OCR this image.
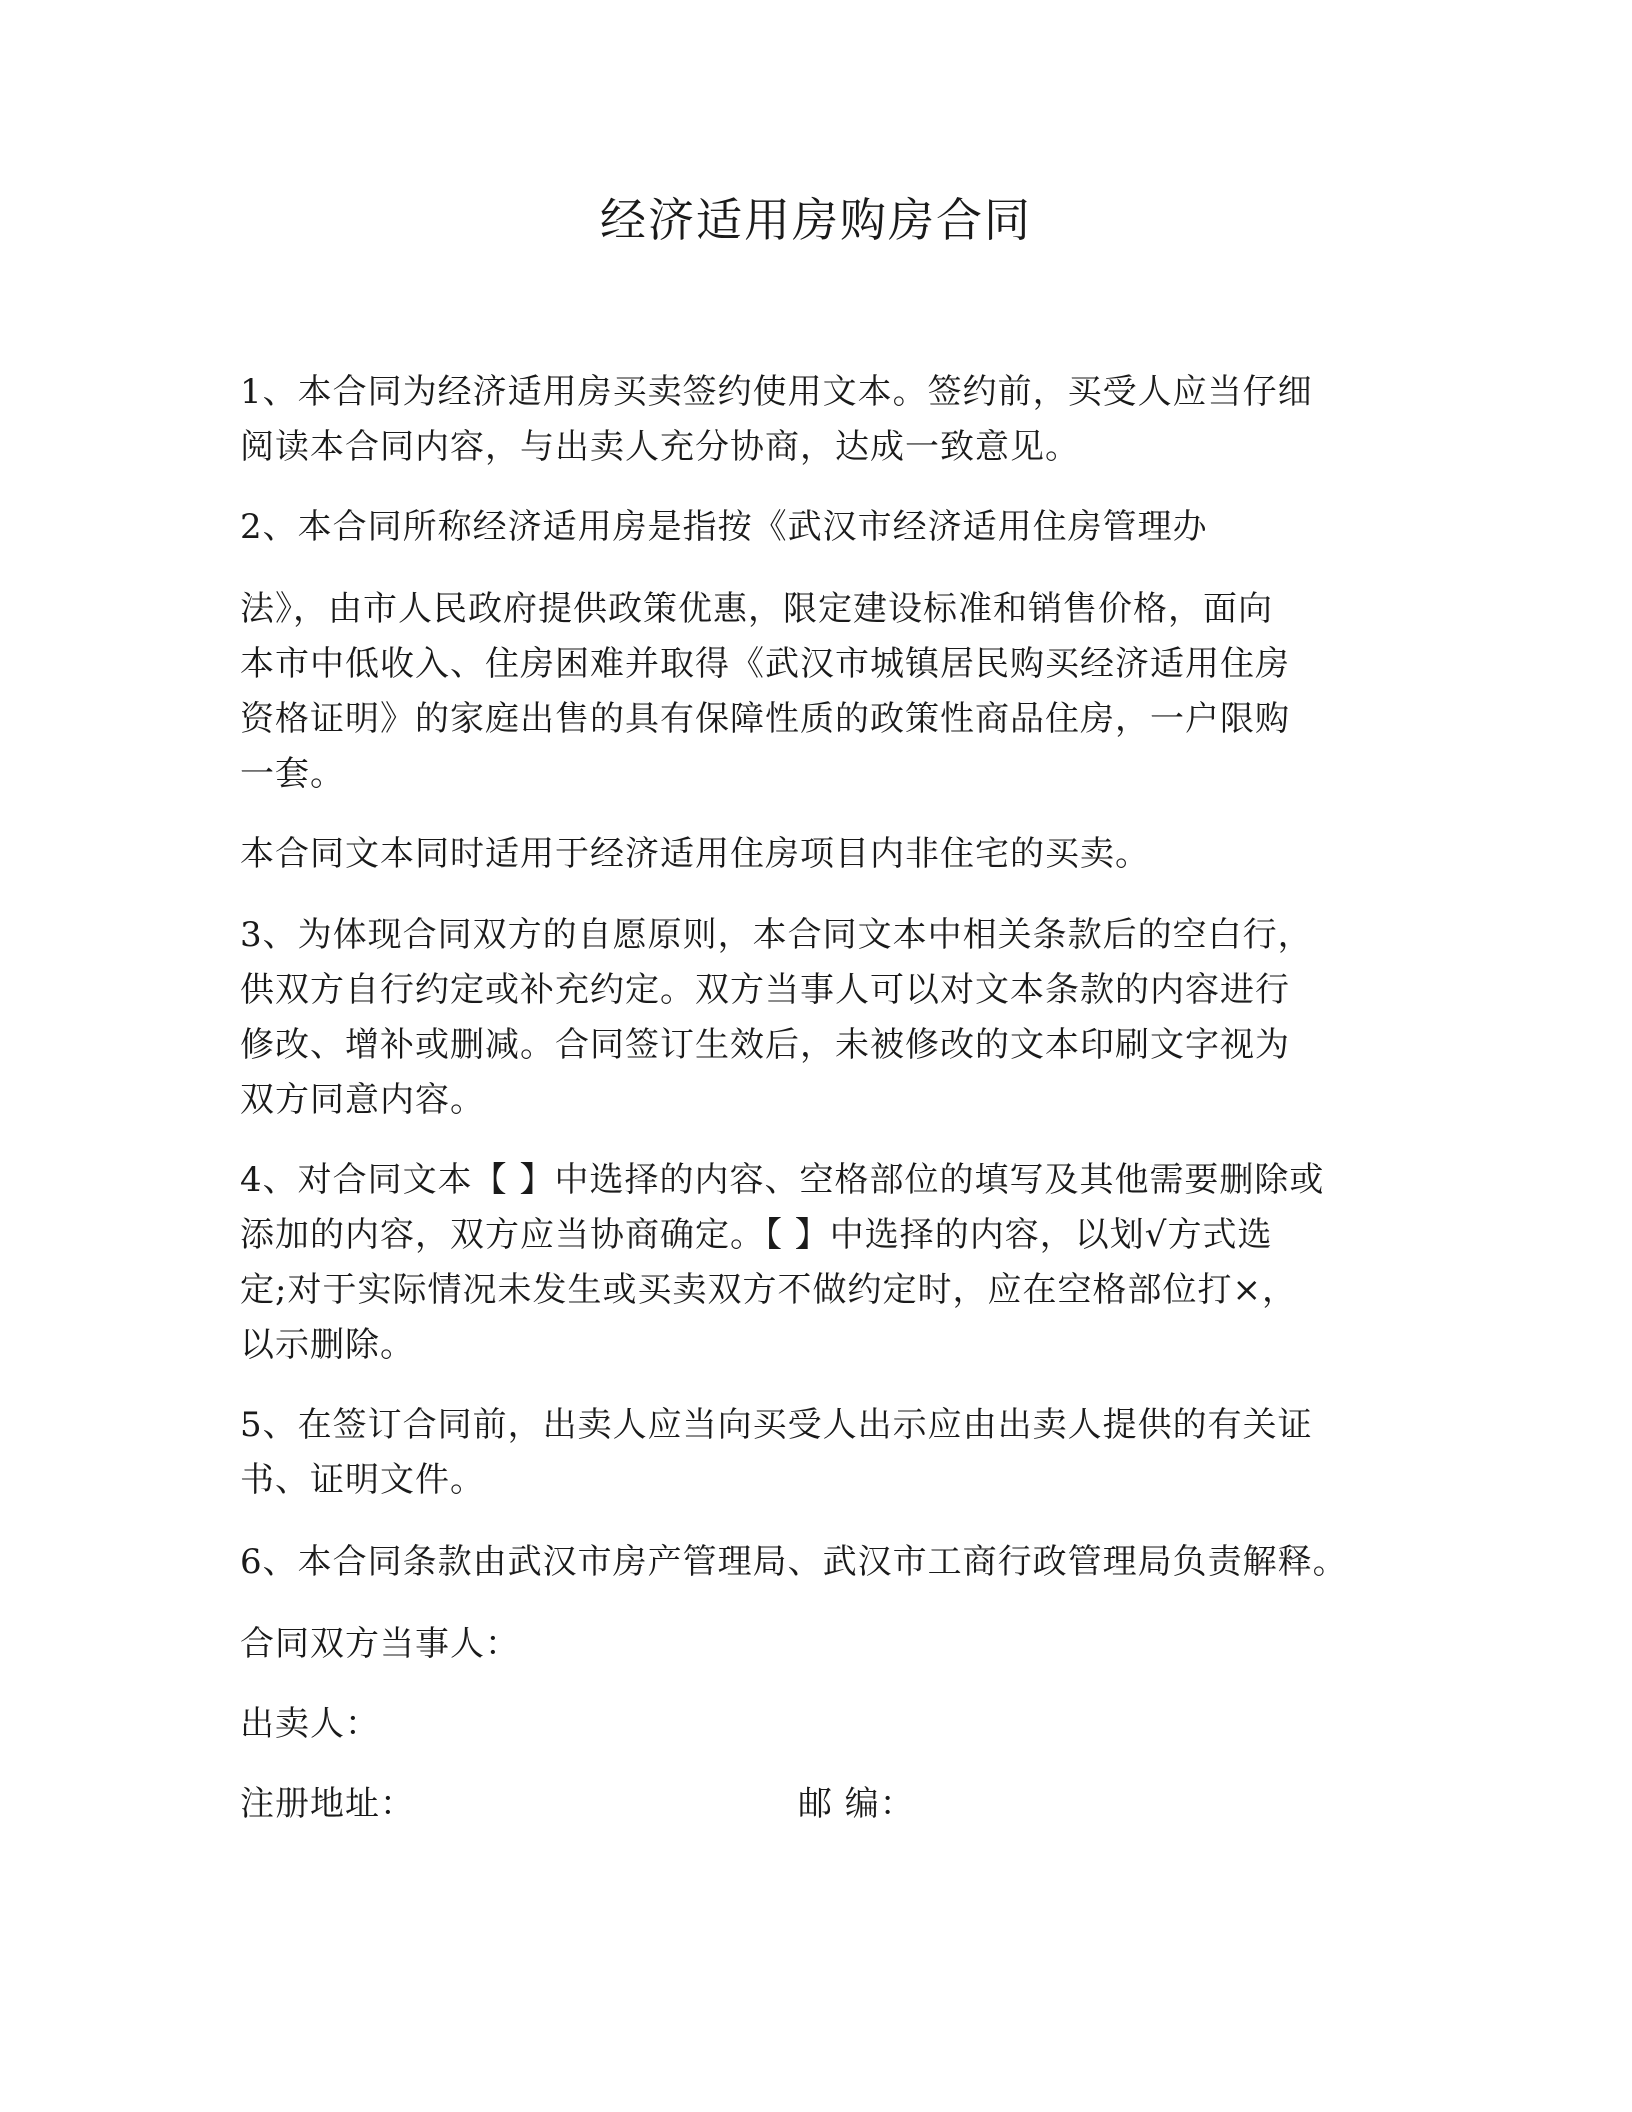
经济适用房购房合同
1、本合同为经济适用房买卖签约使用文本。签约前，买受人应当仔细
阅读本合同内容，与出卖人充分协商，达成一致意见。
2、本合同所称经济适用房是指按《武汉市经济适用住房管理办
法》，由市人民政府提供政策优惠，限定建设标准和销售价格，面向
本市中低收入、住房困难并取得《武汉市城镇居民购买经济适用住房
资格证明》的家庭出售的具有保障性质的政策性商品住房，一户限购
一套。
本合同文本同时适用于经济适用住房项目内非住宅的买卖。
3、为体现合同双方的自愿原则，本合同文本中相关条款后的空白行，
供双方自行约定或补充约定。双方当事人可以对文本条款的内容进行
修改、增补或删减。合同签订生效后，未被修改的文本印刷文字视为
双方同意内容。
4、对合同文本【 】中选择的内容、空格部位的填写及其他需要删除或
添加的内容，双方应当协商确定。【 】中选择的内容，以划√方式选
定;对于实际情况未发生或买卖双方不做约定时，应在空格部位打×，
以示删除。
5、在签订合同前，出卖人应当向买受人出示应由出卖人提供的有关证
书、证明文件。
6、本合同条款由武汉市房产管理局、武汉市工商行政管理局负责解释。
合同双方当事人：
出卖人：
注册地址：	邮 编：
